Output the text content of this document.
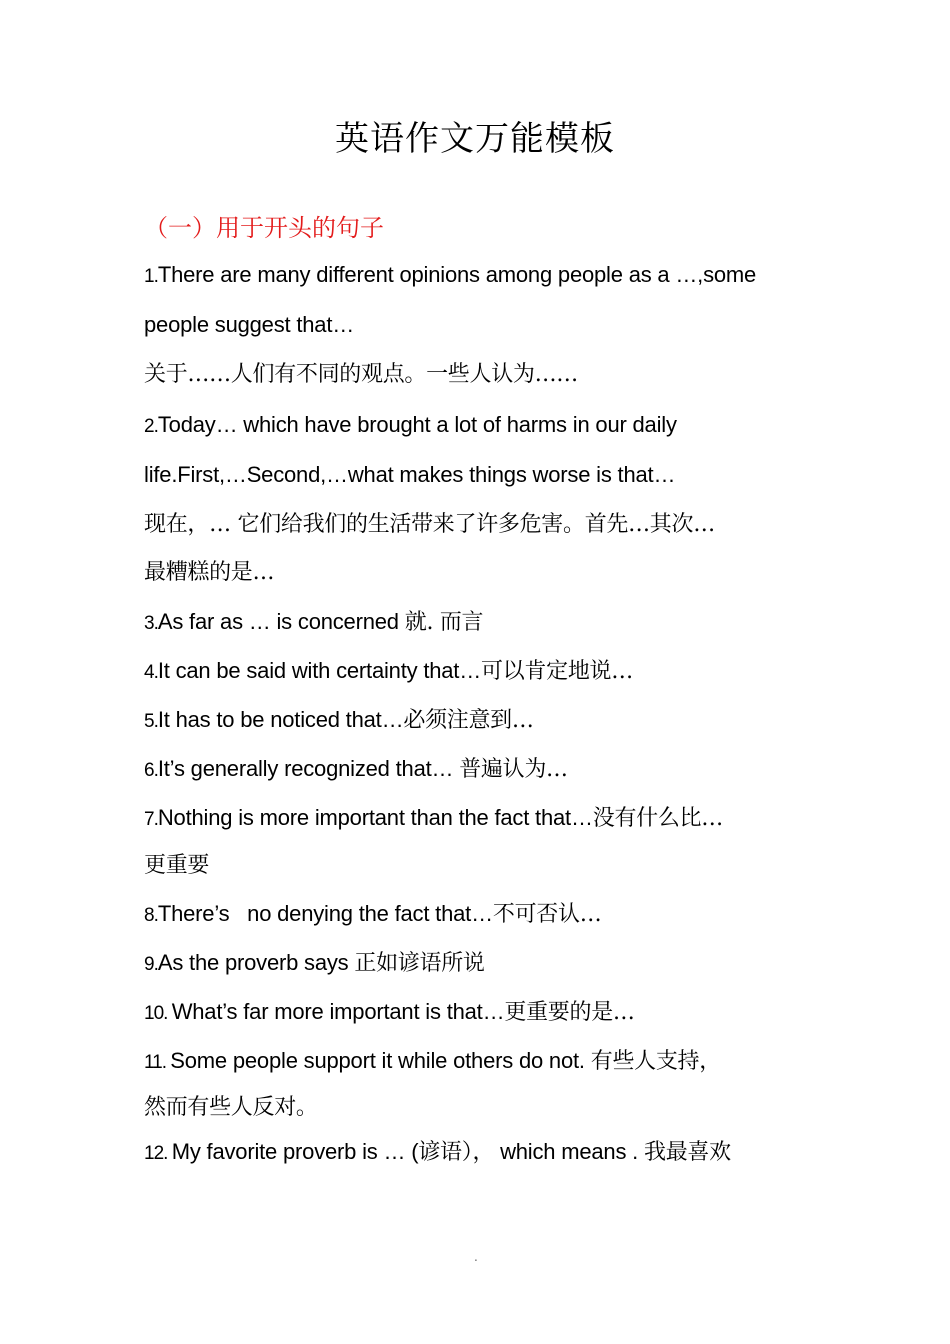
英语作文万能模板
（一）用于开头的句子
1.There are many different opinions among people as a …,some
people suggest that…
关于……人们有不同的观点。一些人认为……
2.Today… which have brought a lot of harms in our daily
life.First,…Second,…what makes things worse is that…
现在，… 它们给我们的生活带来了许多危害。首先…其次…
最糟糕的是…
3.As far as … is concerned 就. 而言
4.It can be said with certainty that…可以肯定地说…
5.It has to be noticed that…必须注意到…
6.It’s generally recognized that… 普遍认为…
7.Nothing is more important than the fact that…没有什么比…
更重要
8.There’s   no denying the fact that…不可否认…
9.As the proverb says 正如谚语所说
10. What’s far more important is that…更重要的是…
11. Some people support it while others do not. 有些人支持，
然而有些人反对。
12. My favorite proverb is … (谚语）， which means . 我最喜欢
.
